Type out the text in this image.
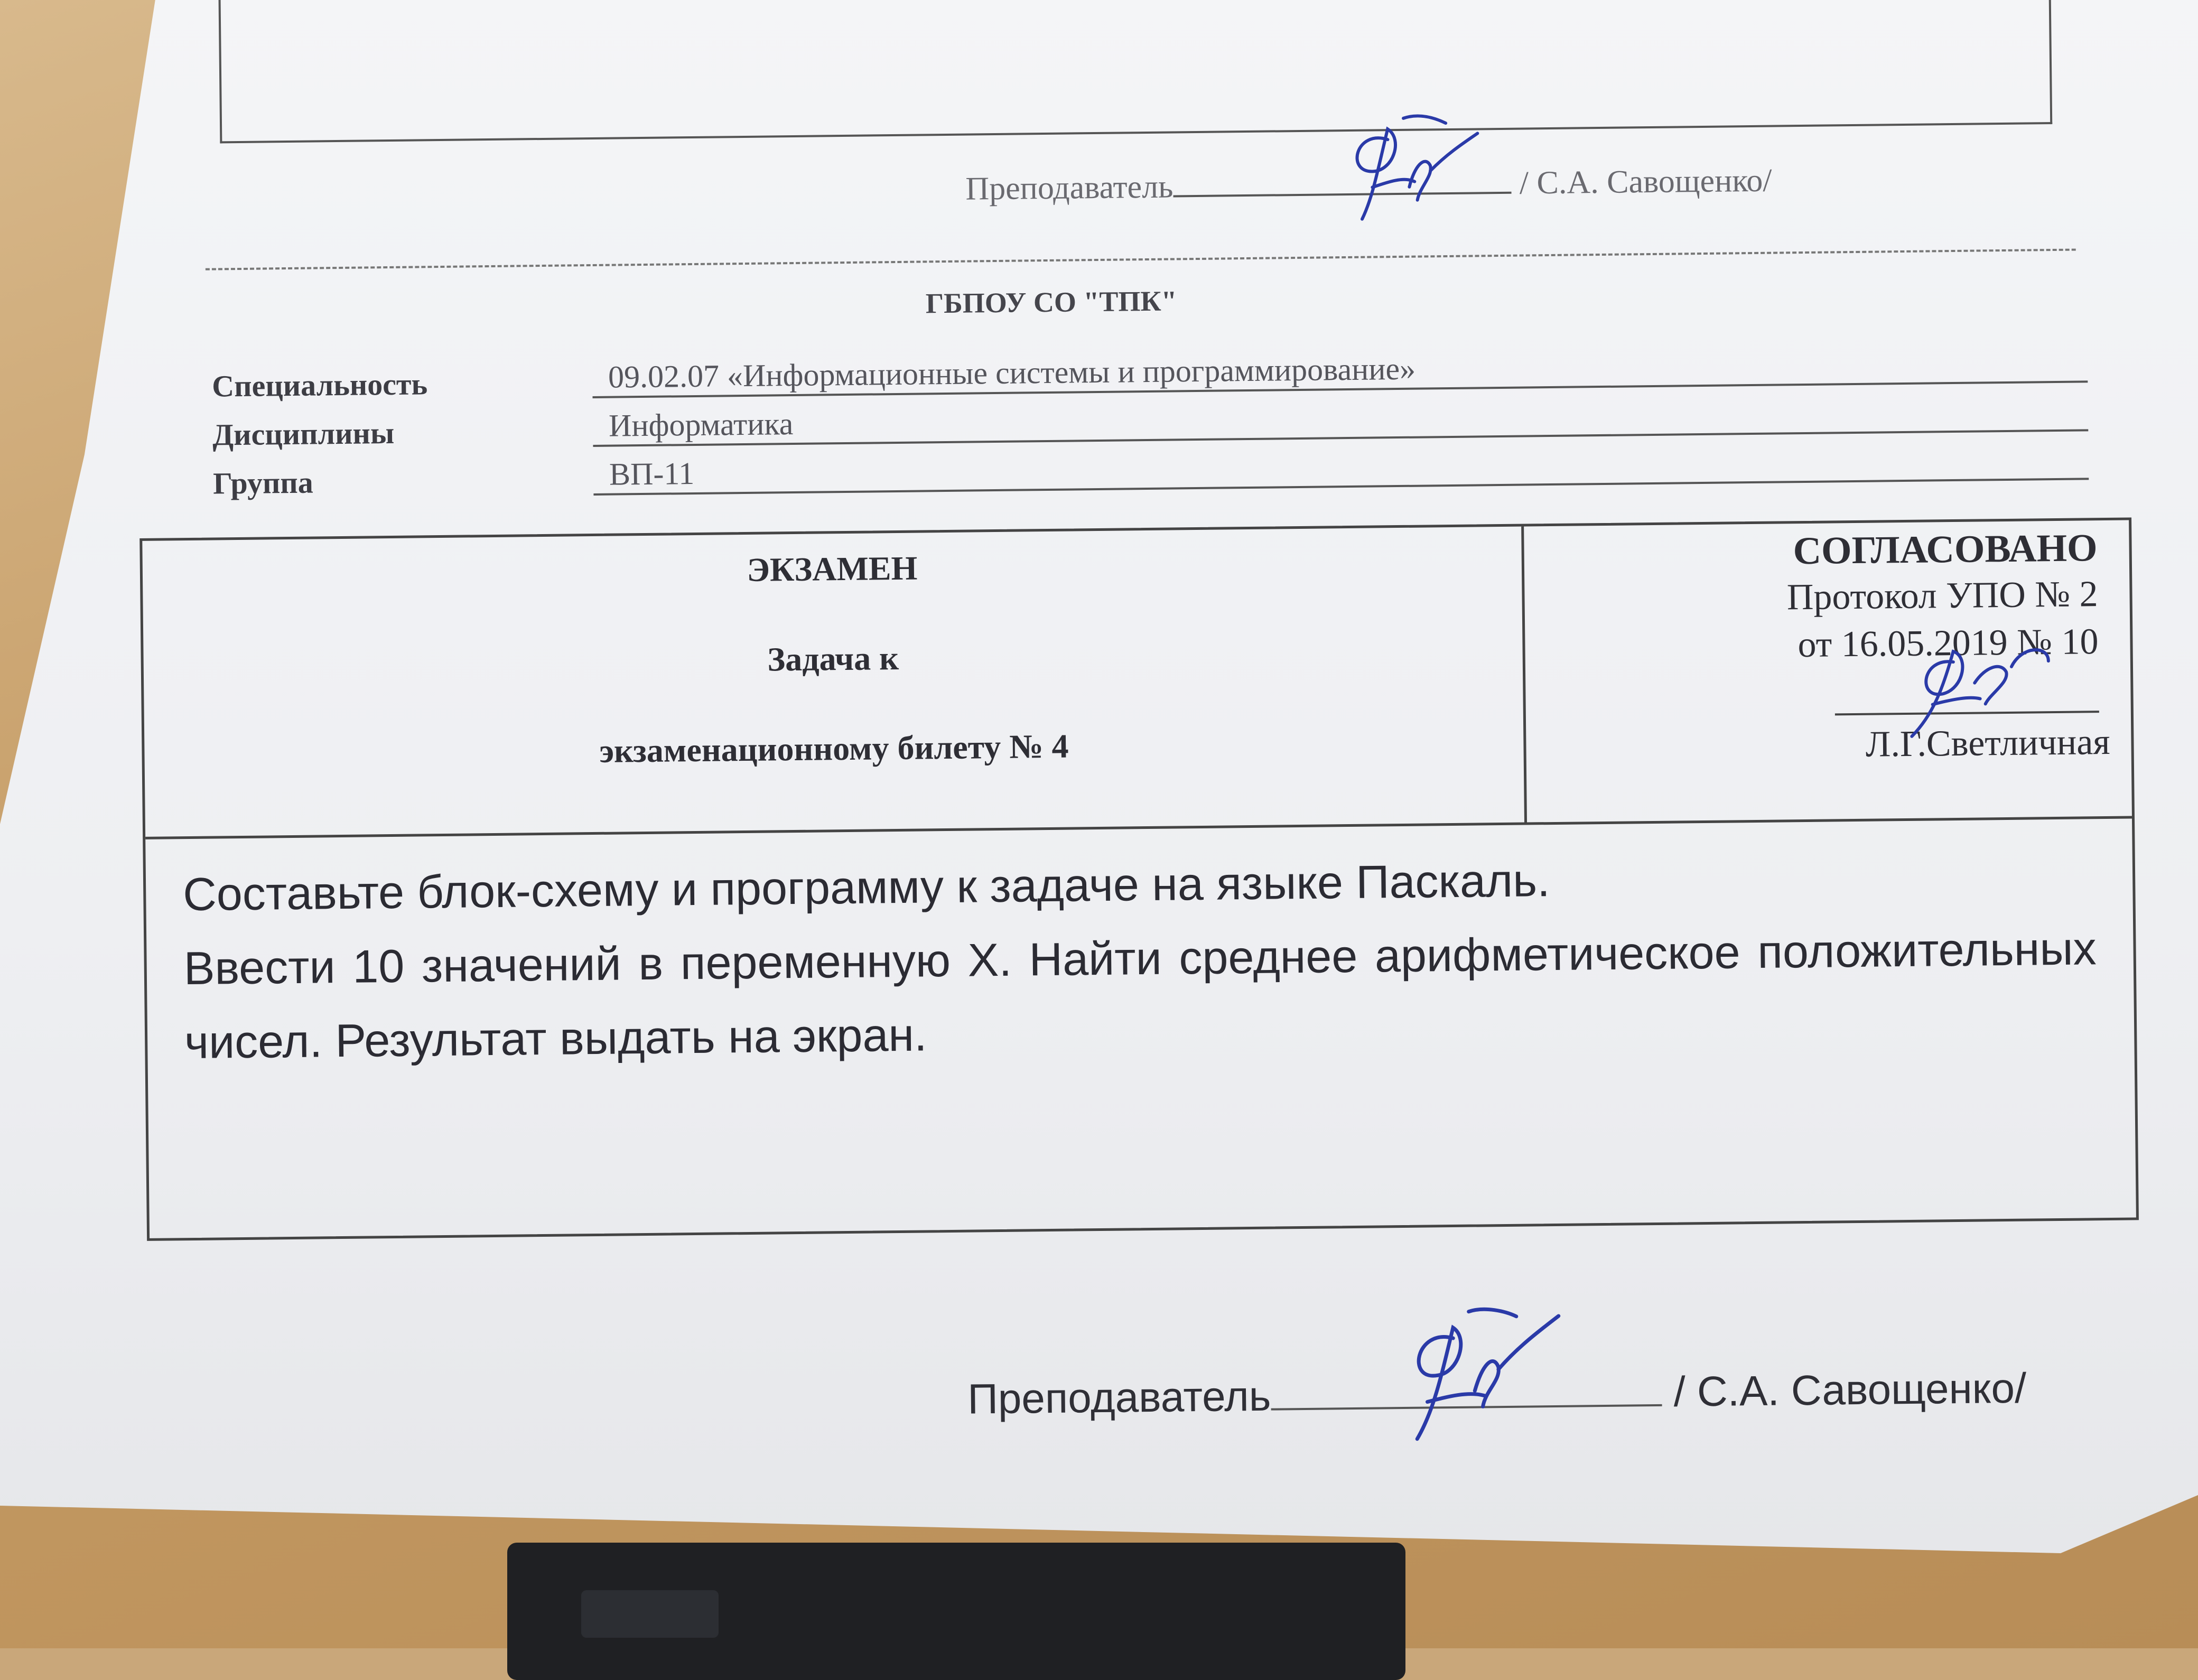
Преподаватель	/ С.А. Савощенко/
ГБПОУ СО "ТПК"
Специальность	09.02.07 «Информационные системы и программирование»
Дисциплины	Информатика
Группа	ВП-11
ЭКЗАМЕН
Задача к
экзаменационному билету № 4
СОГЛАСОВАНО
Протокол УПО № 2
от 16.05.2019 № 10
Л.Г.Светличная
Составьте блок-схему и программу к задаче на языке Паскаль.
Ввести 10 значений в переменную X. Найти среднее арифметическое положительных чисел. Результат выдать на экран.
Преподаватель	/ С.А. Савощенко/
